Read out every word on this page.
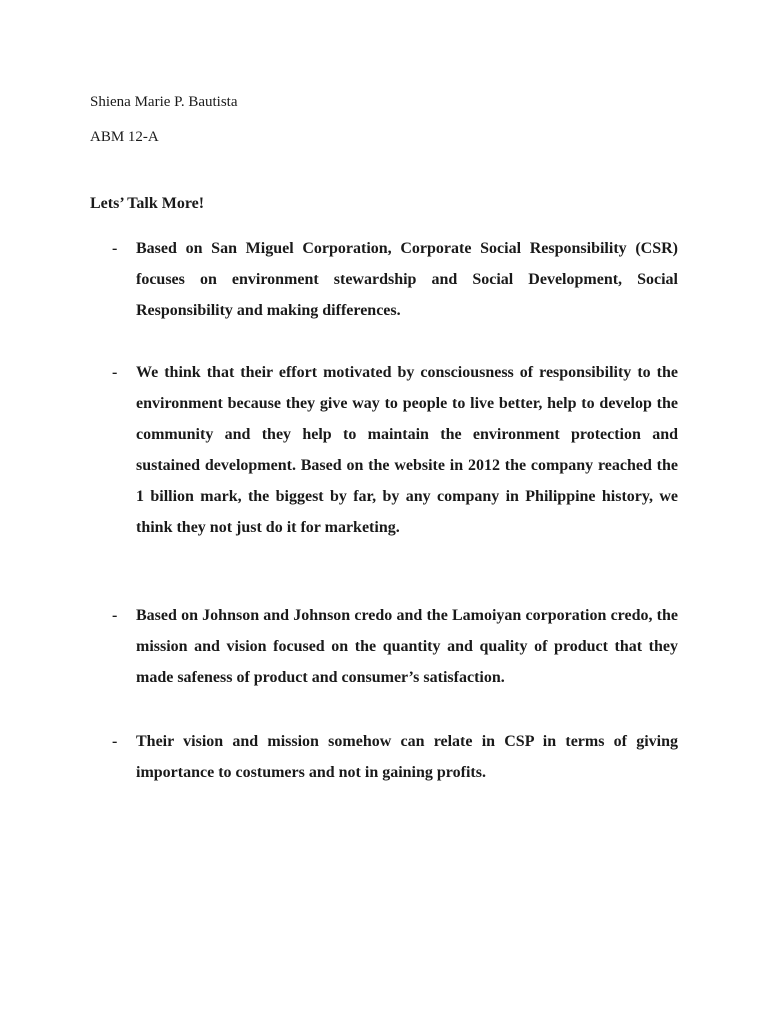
Shiena Marie P. Bautista
ABM 12-A
Lets’ Talk More!
-	Based on San Miguel Corporation, Corporate Social Responsibility (CSR) focuses on environment stewardship and Social Development, Social Responsibility and making differences.
-	We think that their effort motivated by consciousness of responsibility to the environment because they give way to people to live better, help to develop the community and they help to maintain the environment protection and sustained development. Based on the website in 2012 the company reached the 1 billion mark, the biggest by far, by any company in Philippine history, we think they not just do it for marketing.
-	Based on Johnson and Johnson credo and the Lamoiyan corporation credo, the mission and vision focused on the quantity and quality of product that they made safeness of product and consumer’s satisfaction.
-	Their vision and mission somehow can relate in CSP in terms of giving importance to costumers and not in gaining profits.
